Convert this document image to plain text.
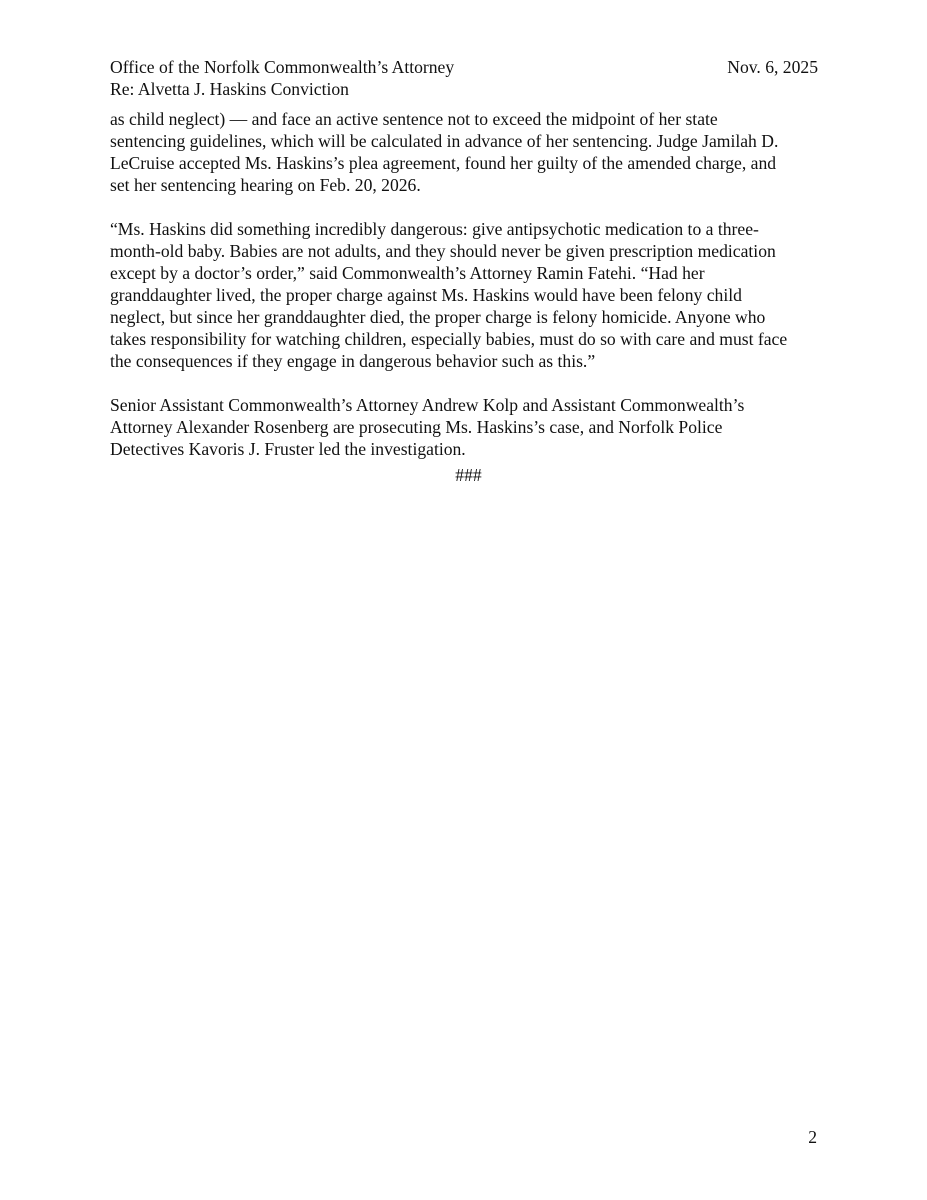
Office of the Norfolk Commonwealth’s Attorney	Nov. 6, 2025
Re: Alvetta J. Haskins Conviction
as child neglect) — and face an active sentence not to exceed the midpoint of her state
sentencing guidelines, which will be calculated in advance of her sentencing. Judge Jamilah D.
LeCruise accepted Ms. Haskins’s plea agreement, found her guilty of the amended charge, and
set her sentencing hearing on Feb. 20, 2026.
“Ms. Haskins did something incredibly dangerous: give antipsychotic medication to a three-
month-old baby. Babies are not adults, and they should never be given prescription medication
except by a doctor’s order,” said Commonwealth’s Attorney Ramin Fatehi. “Had her
granddaughter lived, the proper charge against Ms. Haskins would have been felony child
neglect, but since her granddaughter died, the proper charge is felony homicide. Anyone who
takes responsibility for watching children, especially babies, must do so with care and must face
the consequences if they engage in dangerous behavior such as this.”
Senior Assistant Commonwealth’s Attorney Andrew Kolp and Assistant Commonwealth’s
Attorney Alexander Rosenberg are prosecuting Ms. Haskins’s case, and Norfolk Police
Detectives Kavoris J. Fruster led the investigation.
###
2
